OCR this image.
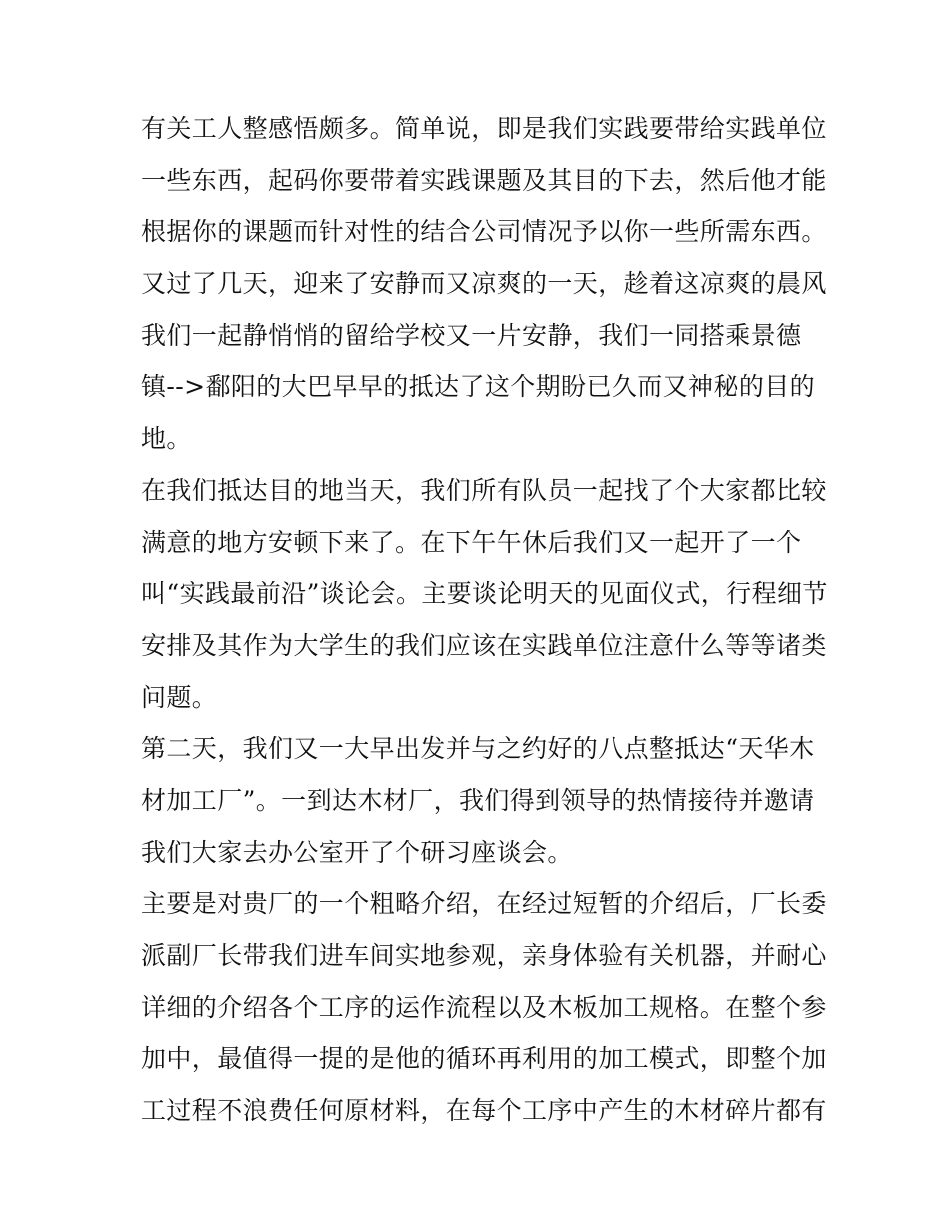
有关工人整感悟颇多。简单说，即是我们实践要带给实践单位
一些东西，起码你要带着实践课题及其目的下去，然后他才能
根据你的课题而针对性的结合公司情况予以你一些所需东西。
又过了几天，迎来了安静而又凉爽的一天，趁着这凉爽的晨风
我们一起静悄悄的留给学校又一片安静，我们一同搭乘景德
镇-->鄱阳的大巴早早的抵达了这个期盼已久而又神秘的目的
地。
在我们抵达目的地当天，我们所有队员一起找了个大家都比较
满意的地方安顿下来了。在下午午休后我们又一起开了一个
叫“实践最前沿”谈论会。主要谈论明天的见面仪式，行程细节
安排及其作为大学生的我们应该在实践单位注意什么等等诸类
问题。
第二天，我们又一大早出发并与之约好的八点整抵达“天华木
材加工厂”。一到达木材厂，我们得到领导的热情接待并邀请
我们大家去办公室开了个研习座谈会。
主要是对贵厂的一个粗略介绍，在经过短暂的介绍后，厂长委
派副厂长带我们进车间实地参观，亲身体验有关机器，并耐心
详细的介绍各个工序的运作流程以及木板加工规格。在整个参
加中，最值得一提的是他的循环再利用的加工模式，即整个加
工过程不浪费任何原材料，在每个工序中产生的木材碎片都有
